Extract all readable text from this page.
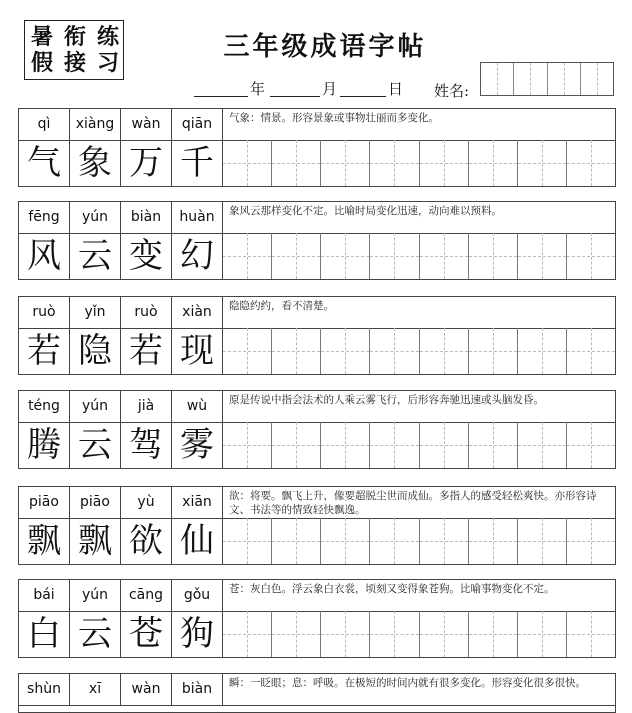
暑 衔 练
假 接 习
三年级成语字帖
年	月	日 姓名:
qì	xiàng	wàn	qiān	气象：情景。形容景象或事物壮丽而多变化。
气 象 万 千
fēng	yún	biàn	huàn	象风云那样变化不定。比喻时局变化迅速，动向难以预料。
风 云 变 幻
ruò	yǐn	ruò	xiàn	隐隐约约，看不清楚。
若 隐 若 现
téng	yún	jià	wù	原是传说中指会法术的人乘云雾飞行，后形容奔驰迅速或头脑发昏。
腾 云 驾 雾
piāo	piāo	yù	xiān	欲：将要。飘飞上升，像要超脱尘世而成仙。多指人的感受轻松爽快。亦形容诗文、书法等的情致轻快飘逸。
飘 飘 欲 仙
bái	yún	cāng	gǒu	苍：灰白色。浮云象白衣裳，顷刻又变得象苍狗。比喻事物变化不定。
白 云 苍 狗
shùn	xī	wàn	biàn	瞬：一眨眼；息：呼吸。在极短的时间内就有很多变化。形容变化很多很快。
